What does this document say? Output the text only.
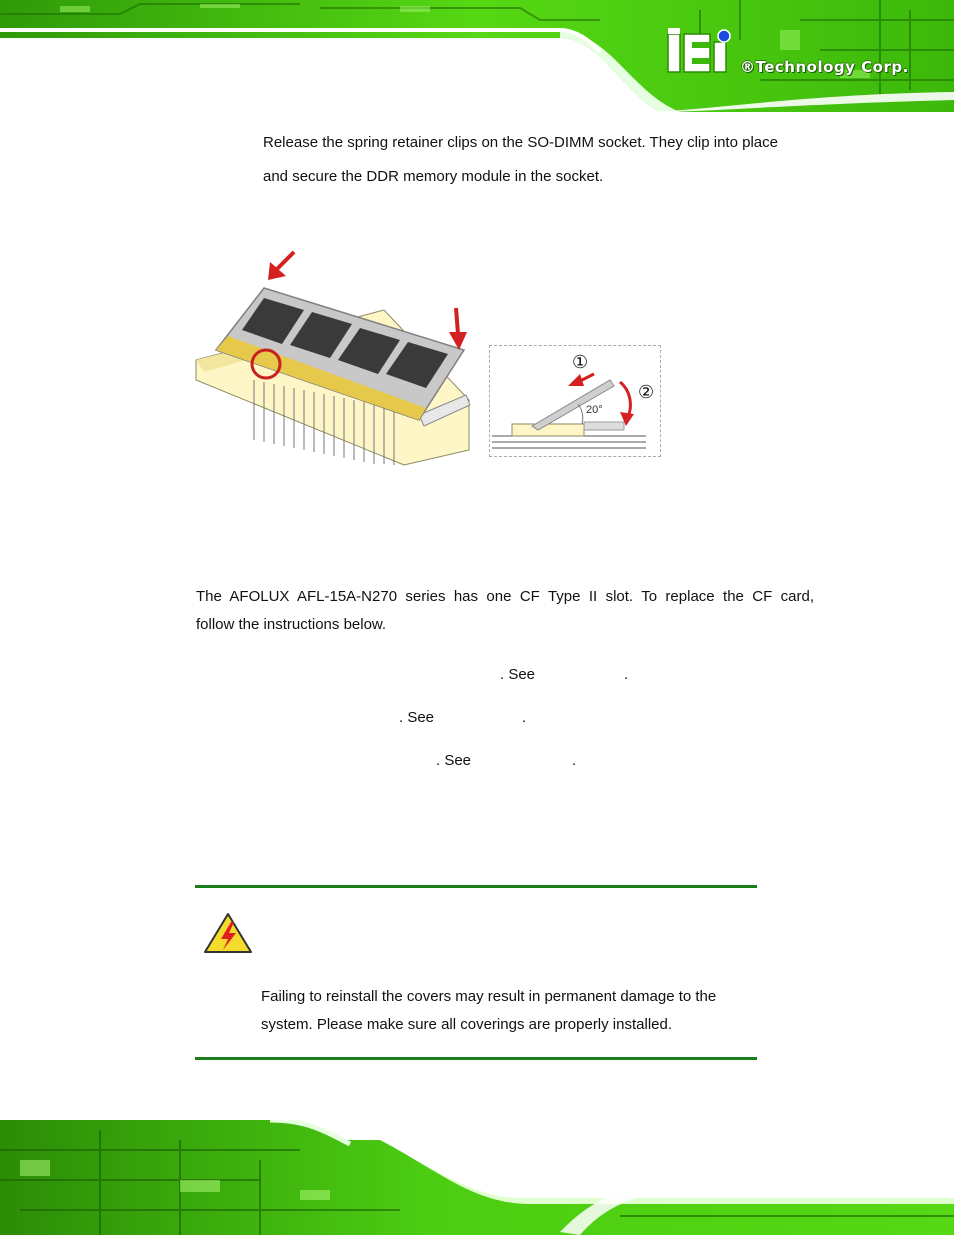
®Technology Corp.
Release the spring retainer clips on the SO-DIMM socket. They clip into place
and secure the DDR memory module in the socket.
①
②
20°
The AFOLUX AFL-15A-N270 series has one CF Type II slot. To replace the CF card,
follow the instructions below.
. See	.
. See	.
. See	.
Failing to reinstall the covers may result in permanent damage to the
system. Please make sure all coverings are properly installed.
